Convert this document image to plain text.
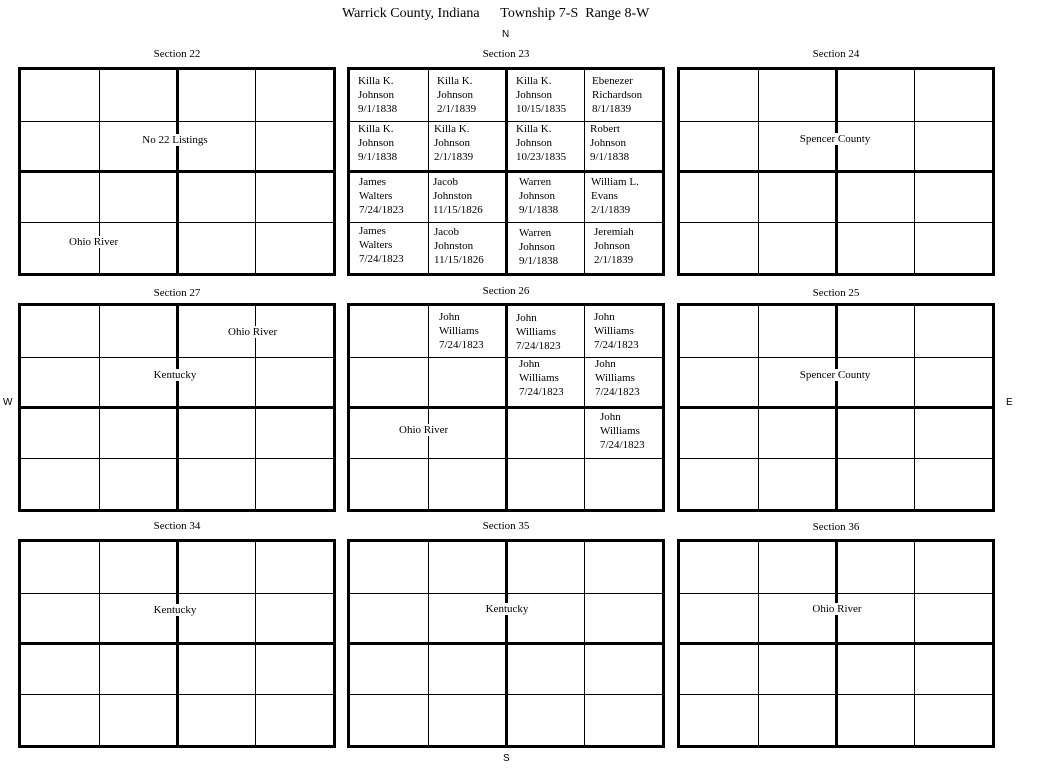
Warrick County, Indiana      Township 7-S  Range 8-W
N
S
W	E
Section 22
No 22 Listings
Ohio River
Section 23
Killa K.
Johnson
9/1/1838
Killa K.
Johnson
2/1/1839
Killa K.
Johnson
10/15/1835
Ebenezer
Richardson
8/1/1839
Killa K.
Johnson
9/1/1838
Killa K.
Johnson
2/1/1839
Killa K.
Johnson
10/23/1835
Robert
Johnson
9/1/1838
James
Walters
7/24/1823
Jacob
Johnston
11/15/1826
Warren
Johnson
9/1/1838
William L.
Evans
2/1/1839
James
Walters
7/24/1823
Jacob
Johnston
11/15/1826
Warren
Johnson
9/1/1838
Jeremiah
Johnson
2/1/1839
Section 24
Spencer County
Section 27
Ohio River
Kentucky
Section 26
Ohio River
John
Williams
7/24/1823
John
Williams
7/24/1823
John
Williams
7/24/1823
John
Williams
7/24/1823
John
Williams
7/24/1823
John
Williams
7/24/1823
Section 25
Spencer County
Section 34
Kentucky
Section 35
Kentucky
Section 36
Ohio River
